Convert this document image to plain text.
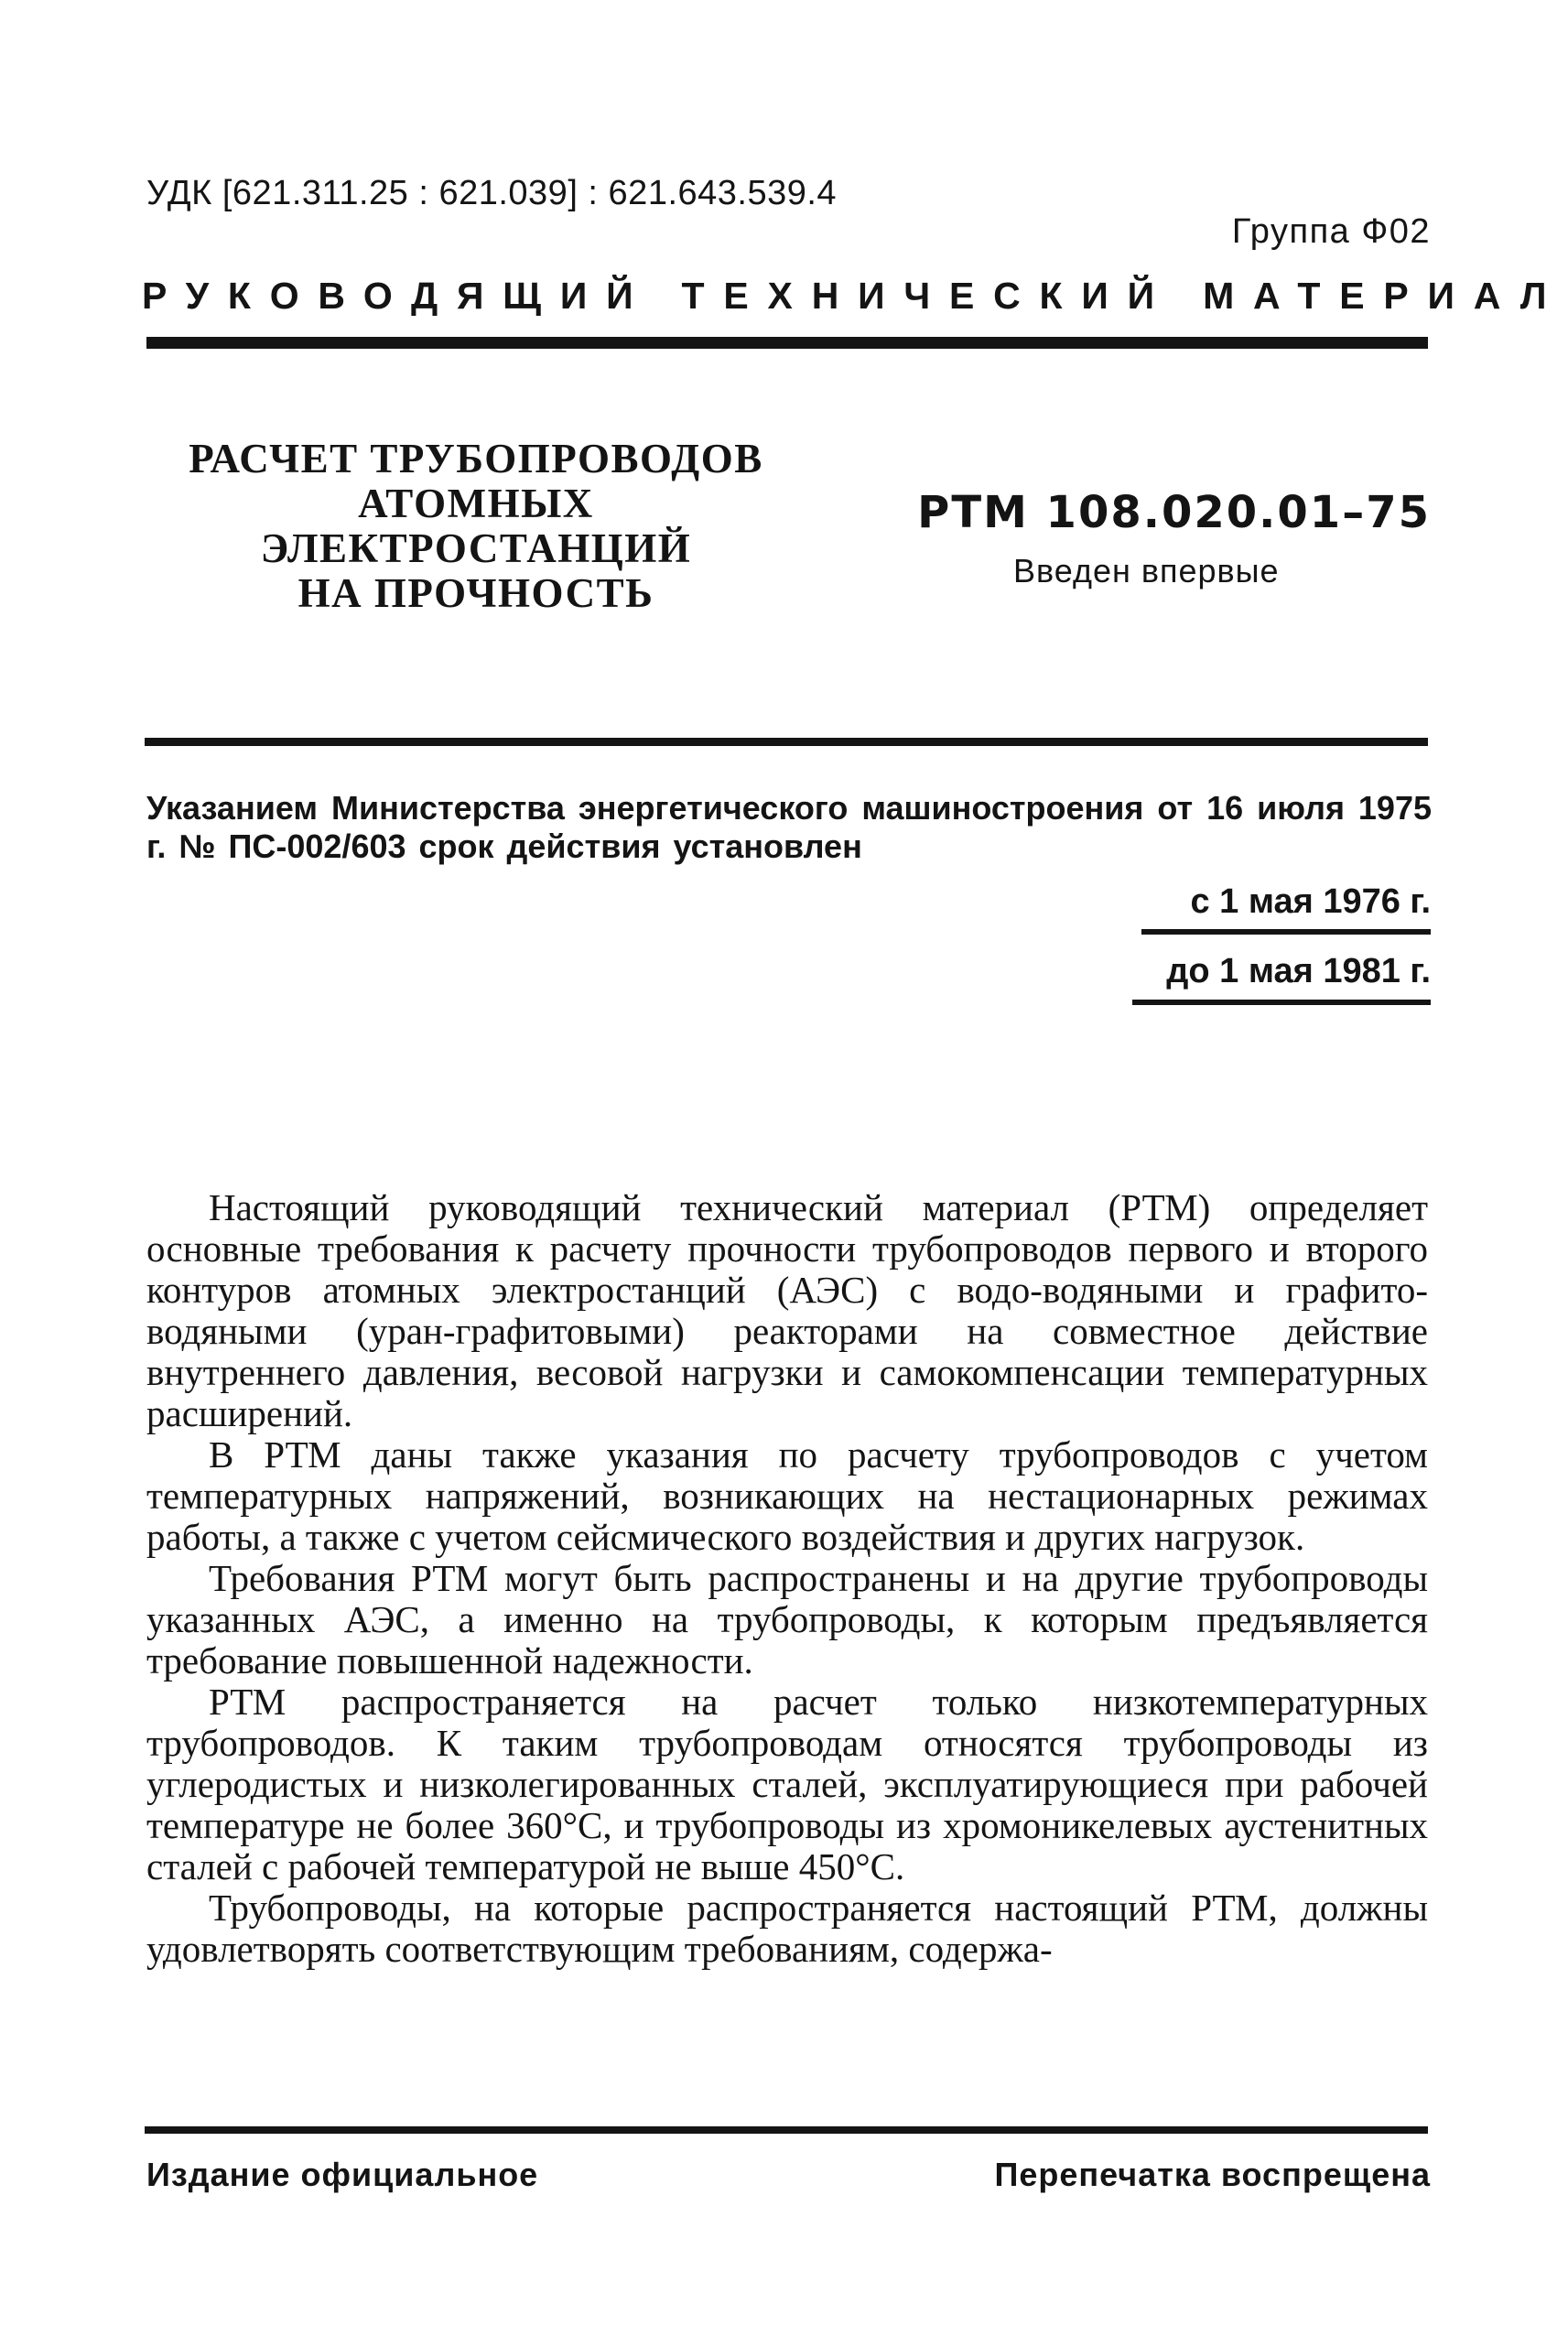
УДК [621.311.25 : 621.039] : 621.643.539.4
Группа Ф02
РУКОВОДЯЩИЙ ТЕХНИЧЕСКИЙ МАТЕРИАЛ
РАСЧЕТ ТРУБОПРОВОДОВ
АТОМНЫХ
ЭЛЕКТРОСТАНЦИЙ
НА ПРОЧНОСТЬ
РТМ 108.020.01–75
Введен впервые
Указанием Министерства энергетического машиностроения от 16 июля 1975 г. № ПС-002/603 срок действия установлен
с 1 мая 1976 г.
до 1 мая 1981 г.

Настоящий руководящий технический материал (РТМ) определяет основные требования к расчету прочности трубопроводов первого и второго контуров атомных электростанций (АЭС) с водо-водяными и графито-водяными (уран-графитовыми) реакторами на совместное действие внутреннего давления, весовой нагрузки и самокомпенсации температурных расширений.

В РТМ даны также указания по расчету трубопроводов с учетом температурных напряжений, возникающих на нестационарных режимах работы, а также с учетом сейсмического воздействия и других нагрузок.

Требования РТМ могут быть распространены и на другие трубопроводы указанных АЭС, а именно на трубопроводы, к которым предъявляется требование повышенной надежности.

РТМ распространяется на расчет только низкотемпературных трубопроводов. К таким трубопроводам относятся трубопроводы из углеродистых и низколегированных сталей, эксплуатирующиеся при рабочей температуре не более 360°С, и трубопроводы из хромоникелевых аустенитных сталей с рабочей температурой не выше 450°С.

Трубопроводы, на которые распространяется настоящий РТМ, должны удовлетворять соответствующим требованиям, содержа-

Издание официальное	Перепечатка воспрещена
